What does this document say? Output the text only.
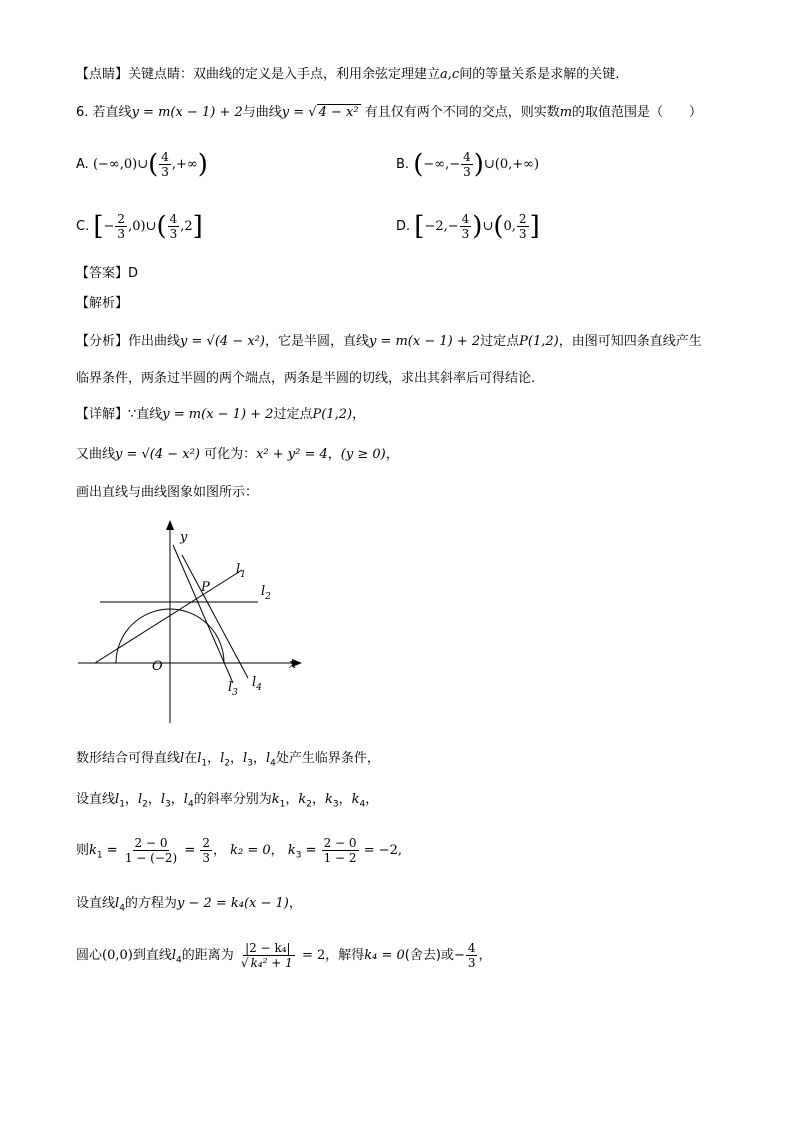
【点睛】关键点睛：双曲线的定义是入手点，利用余弦定理建立a,c间的等量关系是求解的关键.
6. 若直线y = m(x − 1) + 2与曲线y = √ 4 − x² 有且仅有两个不同的交点，则实数m的取值范围是（　　）
A. (−∞,0)∪( $\frac{4}{3}$ ,+∞)	B. (−∞,− $\frac{4}{3}$ )∪(0,+∞)
C. [− $\frac{2}{3}$ ,0)∪( $\frac{4}{3} ,2$]	D. [$-2,- \frac{4}{3}$ )∪(0, $\frac{2}{3}$ ]
【答案】D
【解析】
【分析】作出曲线y = √(4 − x²)，它是半圆，直线y = m(x − 1) + 2过定点P(1,2)，由图可知四条直线产生
临界条件，两条过半圆的两个端点，两条是半圆的切线，求出其斜率后可得结论.
【详解】∵直线y = m(x − 1) + 2过定点P(1,2)，
又曲线y = √(4 − x²) 可化为：x² + y² = 4，(y ≥ 0)，
画出直线与曲线图象如图所示：
y
x
O
P
$l_1$
$l_2$
$l_3$
$l_4$
数形结合可得直线l在$l_1$，$l_2$，$l_3$，$l_4$处产生临界条件，
设直线$l_1$，$l_2$，$l_3$，$l_4$的斜率分别为$k_1$，$k_2$，$k_3$，$k_4$，
则$k_1 = \frac{2 - 0}{1 - (-2)} = \frac{2}{3}$ ， k₂ = 0， $k_3 = \frac{2 - 0}{1 - 2} = -2$,
设直线$l_4$的方程为y − 2 = k₄(x − 1)，
圆心(0,0)到直线$l_4$的距离为 $\frac{\text{|2 − k₄|}}{\text{√ k₄² + 1}} = 2$，解得k₄ = 0(舍去)或− $\frac{4}{3}$ ，
